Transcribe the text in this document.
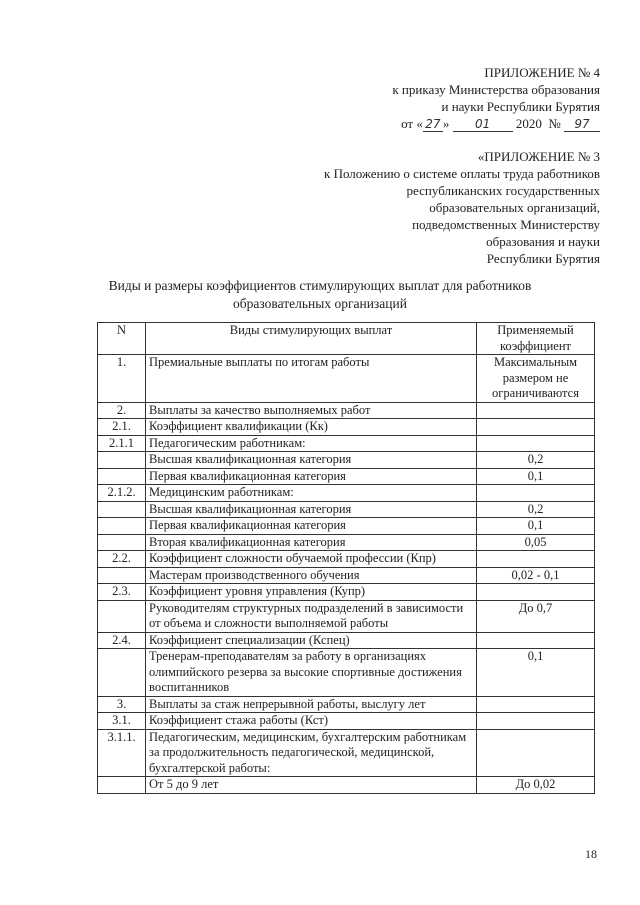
ПРИЛОЖЕНИЕ № 4
к приказу Министерства образования
и науки Республики Бурятия
от « 27 » 01 2020 № 97
«ПРИЛОЖЕНИЕ № 3
к Положению о системе оплаты труда работников
республиканских государственных
образовательных организаций,
подведомственных Министерству
образования и науки
Республики Бурятия
Виды и размеры коэффициентов стимулирующих выплат для работников
образовательных организаций
N	Виды стимулирующих выплат	Применяемый коэффициент
1.	Премиальные выплаты по итогам работы	Максимальным размером не ограничиваются
2.	Выплаты за качество выполняемых работ	
2.1.	Коэффициент квалификации (Кк)	
2.1.1	Педагогическим работникам:	
	Высшая квалификационная категория	0,2
	Первая квалификационная категория	0,1
2.1.2.	Медицинским работникам:	
	Высшая квалификационная категория	0,2
	Первая квалификационная категория	0,1
	Вторая квалификационная категория	0,05
2.2.	Коэффициент сложности обучаемой профессии (Кпр)	
	Мастерам производственного обучения	0,02 - 0,1
2.3.	Коэффициент уровня управления (Купр)	
	Руководителям структурных подразделений в зависимости от объема и сложности выполняемой работы	До 0,7
2.4.	Коэффициент специализации (Кспец)	
	Тренерам-преподавателям за работу в организациях олимпийского резерва за высокие спортивные достижения воспитанников	0,1
3.	Выплаты за стаж непрерывной работы, выслугу лет	
3.1.	Коэффициент стажа работы (Кст)	
3.1.1.	Педагогическим, медицинским, бухгалтерским работникам за продолжительность педагогической, медицинской, бухгалтерской работы:	
	От 5 до 9 лет	До 0,02
18
